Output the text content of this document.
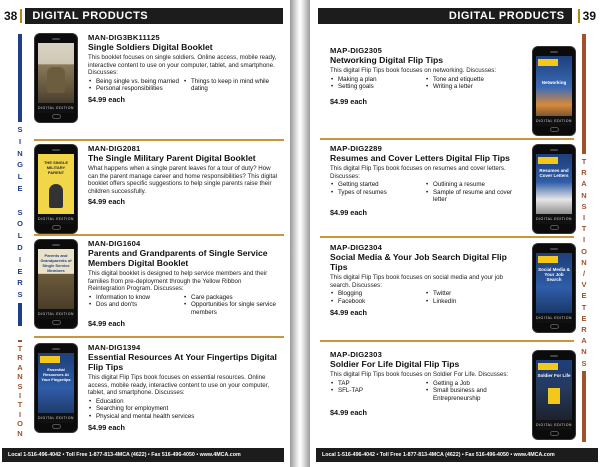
38	DIGITAL PRODUCTS
S
I
N
G
L
E

S
O
L
D
I
E
R
S
T
R
A
N
S
I
T
I
O
N
DIGITAL EDITION
MAN-DIG3BK11125
Single Soldiers Digital Booklet
This booklet focuses on single soldiers. Online access, mobile ready, interactive content to use on your computer, tablet, and smartphone. Discusses:
• Being single vs. being married
• Personal responsibilities
• Things to keep in mind while dating
$4.99 each
THE SINGLE MILITARY PARENT
DIGITAL EDITION
MAN-DIG2081
The Single Military Parent Digital Booklet
What happens when a single parent leaves for a tour of duty? How can the parent manage career and home responsibilities? This digital booklet offers specific suggestions to help single parents raise their children successfully.
$4.99 each
Parents and Grandparents of Single Service Members
DIGITAL EDITION
MAN-DIG1604
Parents and Grandparents of Single Service Members Digital Booklet
This digital booklet is designed to help service members and their families from pre-deployment through the Yellow Ribbon Reintegration Program. Discusses:
• Information to know
• Dos and don'ts
• Care packages
• Opportunities for single service members
$4.99 each
Essential Resources At Your Fingertips
DIGITAL EDITION
MAN-DIG1394
Essential Resources At Your Fingertips Digital Flip Tips
This digital Flip Tips book focuses on essential resources. Online access, mobile ready, interactive content to use on your computer, tablet, and smartphone. Discusses:
• Education
• Searching for employment
• Physical and mental health services
$4.99 each
Local 1-516-496-4042 • Toll Free 1-877-813-4MCA (4622) • Fax 516-496-4050 • www.4MCA.com
DIGITAL PRODUCTS	39
T
R
A
N
S
I
T
I
O
N
/
V
E
T
E
R
A
N
S
MAP-DIG2305
Networking Digital Flip Tips
This digital Flip Tips book focuses on networking. Discusses:
• Making a plan
• Setting goals
• Tone and etiquette
• Writing a letter
$4.99 each
Networking
DIGITAL EDITION
MAP-DIG2289
Resumes and Cover Letters Digital Flip Tips
This digital Flip Tips book focuses on resumes and cover letters. Discusses:
• Getting started
• Types of resumes
• Outlining a resume
• Sample of resume and cover letter
$4.99 each
Resumes and Cover Letters
DIGITAL EDITION
MAP-DIG2304
Social Media & Your Job Search Digital Flip Tips
This digital Flip Tips book focuses on social media and your job search. Discusses:
• Blogging
• Facebook
• Twitter
• LinkedIn
$4.99 each
Social Media & Your Job Search
DIGITAL EDITION
MAP-DIG2303
Soldier For Life Digital Flip Tips
This digital Flip Tips book focuses on Soldier For Life. Discusses:
• TAP
• SFL-TAP
• Getting a Job
• Small business and Entrepreneurship
$4.99 each
Soldier For Life
DIGITAL EDITION
Local 1-516-496-4042 • Toll Free 1-877-813-4MCA (4622) • Fax 516-496-4050 • www.4MCA.com
